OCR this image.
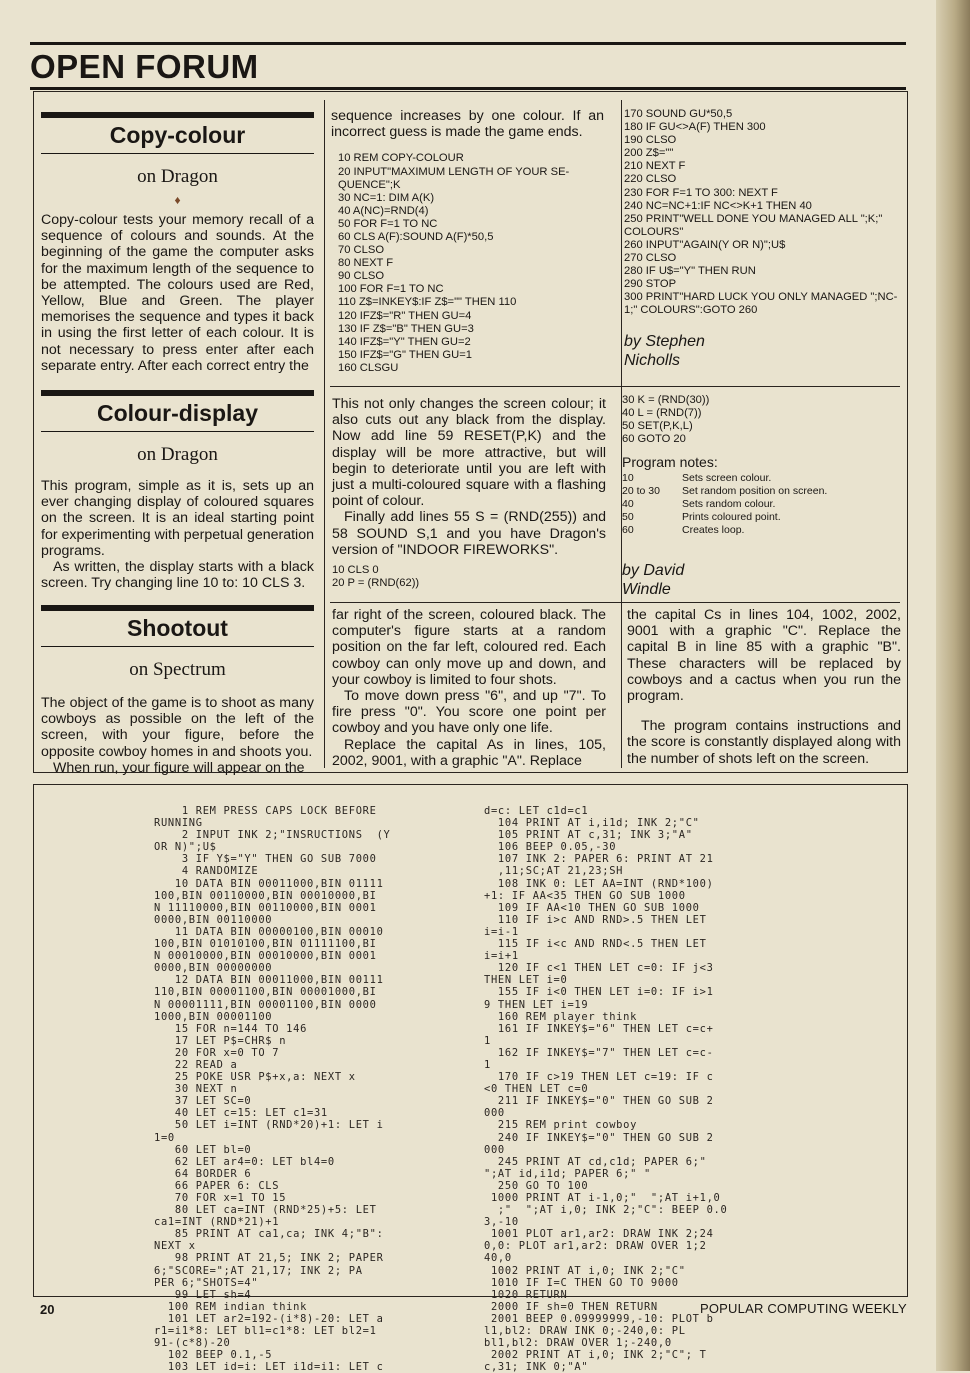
OPEN FORUM
Copy-colour
on Dragon
♦

Copy-colour tests your memory recall of a sequence of colours and sounds. At the beginning of the game the computer asks for the maximum length of the sequence to be attempted. The colours used are Red, Yellow, Blue and Green. The player memorises the sequence and types it back in using the first letter of each colour. It is not necessary to press enter after each separate entry. After each correct entry the

sequence increases by one colour. If an incorrect guess is made the game ends.

10 REM COPY-COLOUR
20 INPUT"MAXIMUM LENGTH OF YOUR SE-QUENCE";K
30 NC=1: DIM A(K)
40 A(NC)=RND(4)
50 FOR F=1 TO NC
60 CLS A(F):SOUND A(F)*50,5
70 CLSO
80 NEXT F
90 CLSO
100 FOR F=1 TO NC
110 Z$=INKEY$:IF Z$="" THEN 110
120 IFZ$="R" THEN GU=4
130 IF Z$="B" THEN GU=3
140 IFZ$="Y" THEN GU=2
150 IFZ$="G" THEN GU=1
160 CLSGU
170 SOUND GU*50,5
180 IF GU<>A(F) THEN 300
190 CLSO
200 Z$=""
210 NEXT F
220 CLSO
230 FOR F=1 TO 300: NEXT F
240 NC=NC+1:IF NC<>K+1 THEN 40
250 PRINT"WELL DONE YOU MANAGED ALL ";K;" COLOURS"
260 INPUT"AGAIN(Y OR N)";U$
270 CLSO
280 IF U$="Y" THEN RUN
290 STOP
300 PRINT"HARD LUCK YOU ONLY MANAGED ";NC-1;" COLOURS":GOTO 260
by Stephen Nicholls
Colour-display
on Dragon

This program, simple as it is, sets up an ever changing display of coloured squares on the screen. It is an ideal starting point for experimenting with perpetual generation programs.

As written, the display starts with a black screen. Try changing line 10 to: 10 CLS 3.

This not only changes the screen colour; it also cuts out any black from the display. Now add line 59 RESET(P,K) and the display will be more attractive, but will begin to deteriorate until you are left with just a multi-coloured square with a flashing point of colour.

Finally add lines 55 S = (RND(255)) and 58 SOUND S,1 and you have Dragon's version of "INDOOR FIREWORKS".

10 CLS 0
20 P = (RND(62))
30 K = (RND(30))
40 L = (RND(7))
50 SET(P,K,L)
60 GOTO 20
Program notes:
10	Sets screen colour.
20 to 30	Set random position on screen.
40	Sets random colour.
50	Prints coloured point.
60	Creates loop.
by David Windle
Shootout
on Spectrum

The object of the game is to shoot as many cowboys as possible on the left of the screen, with your figure, before the opposite cowboy homes in and shoots you.

When run, your figure will appear on the

far right of the screen, coloured black. The computer's figure starts at a random position on the far left, coloured red. Each cowboy can only move up and down, and your cowboy is limited to four shots.

To move down press "6", and up "7". To fire press "0". You score one point per cowboy and you have only one life.

Replace the capital As in lines, 105, 2002, 9001, with a graphic "A". Replace

the capital Cs in lines 104, 1002, 2002, 9001 with a graphic "C". Replace the capital B in line 85 with a graphic "B". These characters will be replaced by cowboys and a cactus when you run the program.

The program contains instructions and the score is constantly displayed along with the number of shots left on the screen.

1 REM PRESS CAPS LOCK BEFORE
RUNNING
2 INPUT INK 2;"INSRUCTIONS  (Y
OR N)";U$
3 IF Y$="Y" THEN GO SUB 7000
4 RANDOMIZE
10 DATA BIN 00011000,BIN 01111
100,BIN 00110000,BIN 00010000,BI
N 11110000,BIN 00110000,BIN 0001
0000,BIN 00110000
11 DATA BIN 00000100,BIN 00010
100,BIN 01010100,BIN 01111100,BI
N 00010000,BIN 00010000,BIN 0001
0000,BIN 00000000
12 DATA BIN 00011000,BIN 00111
110,BIN 00001100,BIN 00001000,BI
N 00001111,BIN 00001100,BIN 0000
1000,BIN 00001100
15 FOR n=144 TO 146
17 LET P$=CHR$ n
20 FOR x=0 TO 7
22 READ a
25 POKE USR P$+x,a: NEXT x
30 NEXT n
37 LET SC=0
40 LET c=15: LET c1=31
50 LET i=INT (RND*20)+1: LET i
1=0
60 LET bl=0
62 LET ar4=0: LET bl4=0
64 BORDER 6
66 PAPER 6: CLS
70 FOR x=1 TO 15
80 LET ca=INT (RND*25)+5: LET
ca1=INT (RND*21)+1
85 PRINT AT ca1,ca; INK 4;"B":
NEXT x
98 PRINT AT 21,5; INK 2; PAPER
6;"SCORE=";AT 21,17; INK 2; PA
PER 6;"SHOTS=4"
99 LET sh=4
100 REM indian think
101 LET ar2=192-(i*8)-20: LET a
r1=i1*8: LET bl1=c1*8: LET bl2=1
91-(c*8)-20
102 BEEP 0.1,-5
103 LET id=i: LET i1d=i1: LET c
d=c: LET c1d=c1
104 PRINT AT i,i1d; INK 2;"C"
105 PRINT AT c,31; INK 3;"A"
106 BEEP 0.05,-30
107 INK 2: PAPER 6: PRINT AT 21
,11;SC;AT 21,23;SH
108 INK 0: LET AA=INT (RND*100)
+1: IF AA<35 THEN GO SUB 1000
109 IF AA<10 THEN GO SUB 1000
110 IF i>c AND RND>.5 THEN LET
i=i-1
115 IF i<c AND RND<.5 THEN LET
i=i+1
120 IF c<1 THEN LET c=0: IF j<3
THEN LET i=0
155 IF i<0 THEN LET i=0: IF i>1
9 THEN LET i=19
160 REM player think
161 IF INKEY$="6" THEN LET c=c+
1
162 IF INKEY$="7" THEN LET c=c-
1
170 IF c>19 THEN LET c=19: IF c
<0 THEN LET c=0
211 IF INKEY$="0" THEN GO SUB 2
000
215 REM print cowboy
240 IF INKEY$="0" THEN GO SUB 2
000
245 PRINT AT cd,c1d; PAPER 6;"
";AT id,i1d; PAPER 6;" "
250 GO TO 100
1000 PRINT AT i-1,0;"  ";AT i+1,0
;"  ";AT i,0; INK 2;"C": BEEP 0.0
3,-10
1001 PLOT ar1,ar2: DRAW INK 2;24
0,0: PLOT ar1,ar2: DRAW OVER 1;2
40,0
1002 PRINT AT i,0; INK 2;"C"
1010 IF I=C THEN GO TO 9000
1020 RETURN
2000 IF sh=0 THEN RETURN
2001 BEEP 0.09999999,-10: PLOT b
l1,bl2: DRAW INK 0;-240,0: PL
bl1,bl2: DRAW OVER 1;-240,0
2002 PRINT AT i,0; INK 2;"C"; T
c,31; INK 0;"A"
20	POPULAR COMPUTING WEEKLY
